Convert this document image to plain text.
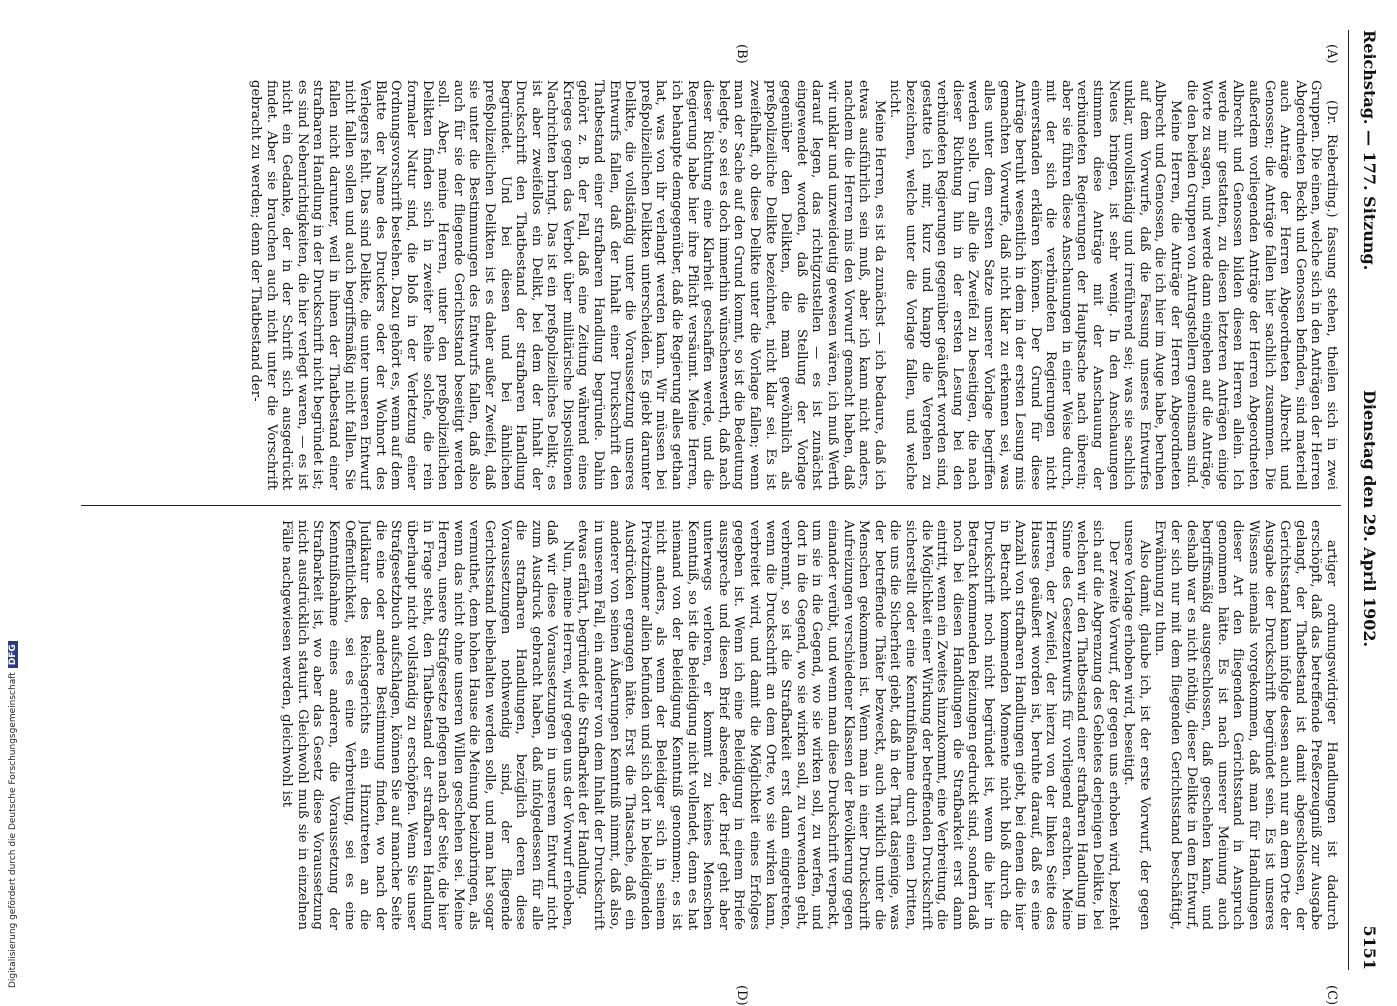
Reichstag. — 177. Sitzung.
Dienstag den 29. April 1902.
5151
(A)
(B)
(C)
(D)

(Dr. Rieberding.) fassung stehen, theilen sich in zwei Gruppen. Die einen, welche sich in den Anträgen der Herren Abgeordneten Beckh und Genossen befinden, sind materiell auch Anträge der Herren Abgeordneten Albrecht und Genossen; die Anträge fallen hier sachlich zusammen. Die außerdem vorliegenden Anträge der Herren Abgeordneten Albrecht und Genossen bilden diesen Herren allein. Ich werde mir gestatten, zu diesen letzteren Anträgen einige Worte zu sagen, und werde dann eingehen auf die Anträge, die den beiden Gruppen von Antragstellern gemeinsam sind.

Meine Herren, die Anträge der Herren Abgeordneten Albrecht und Genossen, die ich hier im Auge habe, beruhen auf dem Vorwurfe, daß die Fassung unseres Entwurfes unklar, unvollständig und irreführend sei; was sie sachlich Neues bringen, ist sehr wenig. In den Anschauungen stimmen diese Anträge mit der Anschauung der verbündeten Regierungen der Hauptsache nach überein; aber sie führen diese Anschauungen in einer Weise durch, mit der sich die verbündeten Regierungen nicht einverstanden erklären können. Der Grund für diese Anträge beruht wesentlich in dem in der ersten Lesung mis gemachten Vorwurfe, daß nicht klar zu erkennen sei, was alles unter dem ersten Satze unserer Vorlage begriffen werden solle. Um alle die Zweifel zu beseitigen, die nach dieser Richtung hin in der ersten Lesung bei den verbündeten Regierungen gegenüber geäußert worden sind, gestatte ich mir, kurz und knapp die Vergehen zu bezeichnen, welche unter die Vorlage fallen, und welche nicht.

Meine Herren, es ist da zunächst — ich bedaure, daß ich etwas ausführlich sein muß, aber ich kann nicht anders, nachdem die Herren mis den Vorwurf gemacht haben, daß wir unklar und unzweideutig gewesen wären, ich muß Werth darauf legen, das richtigzustellen — es ist zunächst eingewendet worden, daß die Stellung der Vorlage gegenüber den Delikten, die man gewöhnlich als preßpolizeiliche Delikte bezeichnet, nicht klar sei. Es ist zweifelhaft, ob diese Delikte unter die Vorlage fallen; wenn man der Sache auf den Grund kommt, so ist die Bedeutung belegte, so sei es doch immerhin wünschenswerth, daß nach dieser Richtung eine Klarheit geschaffen werde, und die Regierung habe hier ihre Pflicht versäumt. Meine Herren, ich behaupte demgegenüber, daß die Regierung alles gethan hat, was von ihr verlangt werden kann. Wir müssen bei preßpolizeilichen Delikten unterscheiden. Es giebt darunter Delikte, die vollständig unter die Voraussetzung unseres Entwurfs fallen, daß der Inhalt einer Druckschrift den Thatbestand einer strafbaren Handlung begründe. Dahin gehört z. B. der Fall, daß eine Zeitung während eines Krieges gegen das Verbot über militärische Dispositionen Nachrichten bringt. Das ist ein preßpolizeiliches Delikt; es ist aber zweifellos ein Delikt, bei dem der Inhalt der Druckschrift den Thatbestand der strafbaren Handlung begründet. Und bei diesen und bei ähnlichen preßpolizeilichen Delikten ist es daher außer Zweifel, daß sie unter die Bestimmungen des Entwurfs fallen, daß also auch für sie der fliegende Gerichtsstand beseitigt werden soll. Aber, meine Herren, unter den preßpolizeilichen Delikten finden sich in zweiter Reihe solche, die rein formaler Natur sind, die bloß in der Verletzung einer Ordnungsvorschrift bestehen. Dazu gehört es, wenn auf dem Blatte der Name des Druckers oder der Wohnort des Verlegers fehlt. Das sind Delikte, die unter unseren Entwurf nicht fallen sollen und auch begriffsmäßig nicht fallen. Sie fallen nicht darunter, weil in ihnen der Thatbestand einer strafbaren Handlung in der Druckschrift nicht begründet ist; es sind Nebenrichtigkeiten, die hier verlegt waren, — es ist nicht ein Gedanke, der in der Schrift sich ausgedrückt findet. Aber sie brauchen auch nicht unter die Vorschrift gebracht zu werden; denn der Thatbestand der-

artiger ordnungswidriger Handlungen ist dadurch erschöpft, daß das betreffende Preßerzeugniß zur Ausgabe gelangt, der Thatbestand ist damit abgeschlossen, der Gerichtsstand kann infolge dessen auch nur an dem Orte der Ausgabe der Druckschrift begründet sein. Es ist unseres Wissens niemals vorgekommen, daß man für Handlungen dieser Art den fliegenden Gerichtsstand in Anspruch genommen hätte. Es ist nach unserer Meinung auch begriffsmäßig ausgeschlossen, daß geschehen kann, und deshalb war es nicht nöthig, dieser Delikte in dem Entwurf, der sich nur mit dem fliegenden Gerichtsstand beschäftigt, Erwähnung zu thun.

Also damit, glaube ich, ist der erste Vorwurf, der gegen unsere Vorlage erhoben wird, beseitigt.

Der zweite Vorwurf, der gegen uns erhoben wird, bezieht sich auf die Abgrenzung des Gebietes derjenigen Delikte, bei welchen wir den Thatbestand einer strafbaren Handlung im Sinne des Gesetzentwurfs für vorliegend erachten. Meine Herren, der Zweifel, der hierzu von der linken Seite des Hauses geäußert worden ist, beruhte darauf, daß es eine Anzahl von strafbaren Handlungen giebt, bei denen die hier in Betracht kommenden Momente nicht bloß durch die Druckschrift noch nicht begründet ist, wenn die hier in Betracht kommenden Reizungen gedruckt sind, sondern daß noch bei diesen Handlungen die Strafbarkeit erst dann eintritt, wenn ein Zweites hinzukommt, eine Verbreitung, die die Möglichkeit einer Wirkung der betreffenden Druckschrift sicherstellt oder eine Kenntnißnahme durch einen Dritten, die uns die Sicherheit giebt, daß in der That dasjenige, was der betreffende Thäter bezweckt, auch wirklich unter die Menschen gekommen ist. Wenn man in einer Druckschrift Aufreizungen verschiedener Klassen der Bevölkerung gegen einander verübt, und wenn man diese Druckschrift verpackt, um sie in die Gegend, wo sie wirken soll, zu werfen, und dort in die Gegend, wo sie wirken soll, zu verwenden geht, verbrennt, so ist die Strafbarkeit erst dann eingetreten, wenn die Druckschrift an dem Orte, wo sie wirken kann, verbreitet wird, und damit die Möglichkeit eines Erfolges gegeben ist. Wenn ich eine Beleidigung in einem Briefe ausspreche und diesen Brief absende, der Brief geht aber unterwegs verloren, er kommt zu keines Menschen Kenntniß, so ist die Beleidigung nicht vollendet, denn es hat niemand von der Beleidigung Kenntniß genommen; es ist nicht anders, als wenn der Beleidiger sich in seinem Privatzimmer allein befunden und sich dort in beleidigenden Ausdrücken ergangen hätte. Erst die Thatsache, daß ein anderer von seinen Äußerungen Kenntniß nimmt, daß also, in unserem Fall, ein anderer von dem Inhalt der Druckschrift etwas erfährt, begründet die Strafbarkeit der Handlung.

Nun, meine Herren, wird gegen uns der Vorwurf erhoben, daß wir diese Voraussetzungen in unserem Entwurf nicht zum Ausdruck gebracht haben, daß infolgedessen für alle die strafbaren Handlungen, bezüglich deren diese Voraussetzungen nothwendig sind, der fliegende Gerichtsstand beibehalten werden solle, und man hat sogar vermuthet, dem hohen Hause die Meinung beizubringen, als wenn das nicht ohne unseren Willen geschehen sei. Meine Herren, unsere Strafgesetze pflegen nach der Seite, die hier in Frage steht, den Thatbestand der strafbaren Handlung überhaupt nicht vollständig zu erschöpfen. Wenn Sie unser Strafgesetzbuch aufschlagen, können Sie auf mancher Seite die eine oder andere Bestimmung finden, wo nach der Judikatur des Reichsgerichts ein Hinzutreten an die Oeffentlichkeit, sei es eine Verbreitung, sei es eine Kenntnißnahme eines anderen, die Voraussetzung der Strafbarkeit ist, wo aber das Gesetz diese Voraussetzung nicht ausdrücklich statuirt. Gleichwohl muß sie in einzelnen Fälle nachgewiesen werden, gleichwohl ist

Digitalisierung gefördert durch die Deutsche ForschungsgemeinschaftDFG
